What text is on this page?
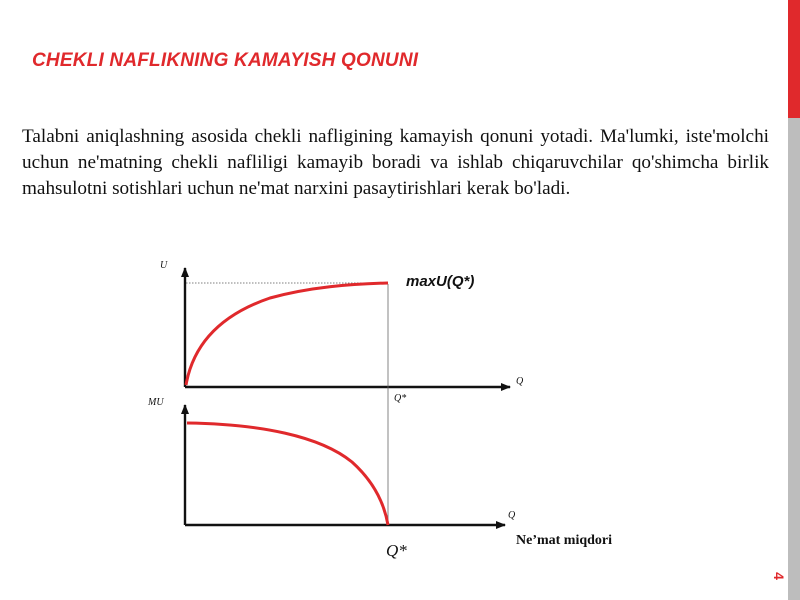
CHEKLI NAFLIKNING KAMAYISH QONUNI

Talabni aniqlashning asosida chekli nafligining kamayish qonuni yotadi. Ma'lumki, iste'molchi uchun ne'matning chekli nafliligi kamayib boradi va ishlab chiqaruvchilar qo'shimcha birlik mahsulotni sotishlari uchun ne'mat narxini pasaytirishlari kerak bo'ladi.

4
U
Q
maxU(Q*)
MU	Q*
Q
Q*
Ne’mat miqdori
